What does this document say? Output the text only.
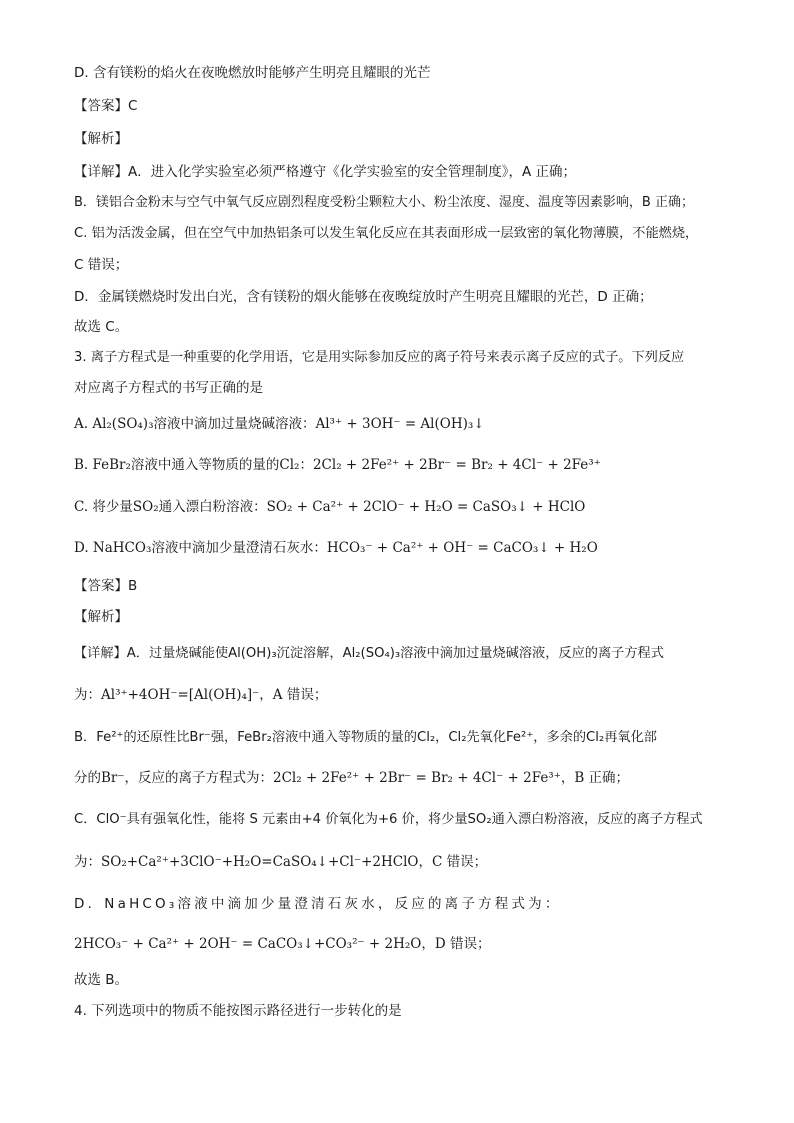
D. 含有镁粉的焰火在夜晚燃放时能够产生明亮且耀眼的光芒
【答案】C
【解析】
【详解】A．进入化学实验室必须严格遵守《化学实验室的安全管理制度》，A 正确；
B．镁铝合金粉末与空气中氧气反应剧烈程度受粉尘颗粒大小、粉尘浓度、湿度、温度等因素影响，B 正确；
C. 铝为活泼金属，但在空气中加热铝条可以发生氧化反应在其表面形成一层致密的氧化物薄膜，不能燃烧，
C 错误；
D．金属镁燃烧时发出白光，含有镁粉的烟火能够在夜晚绽放时产生明亮且耀眼的光芒，D 正确；
故选 C。
3. 离子方程式是一种重要的化学用语，它是用实际参加反应的离子符号来表示离子反应的式子。下列反应
对应离子方程式的书写正确的是
A. Al₂(SO₄)₃溶液中滴加过量烧碱溶液：Al³⁺ + 3OH⁻ = Al(OH)₃↓
B. FeBr₂溶液中通入等物质的量的Cl₂：2Cl₂ + 2Fe²⁺ + 2Br⁻ = Br₂ + 4Cl⁻ + 2Fe³⁺
C. 将少量SO₂通入漂白粉溶液：SO₂ + Ca²⁺ + 2ClO⁻ + H₂O = CaSO₃↓ + HClO
D. NaHCO₃溶液中滴加少量澄清石灰水：HCO₃⁻ + Ca²⁺ + OH⁻ = CaCO₃↓ + H₂O
【答案】B
【解析】
【详解】A．过量烧碱能使Al(OH)₃沉淀溶解，Al₂(SO₄)₃溶液中滴加过量烧碱溶液，反应的离子方程式
为：Al³⁺+4OH⁻=[Al(OH)₄]⁻，A 错误；
B．Fe²⁺的还原性比Br⁻强，FeBr₂溶液中通入等物质的量的Cl₂，Cl₂先氧化Fe²⁺，多余的Cl₂再氧化部
分的Br⁻，反应的离子方程式为：2Cl₂ + 2Fe²⁺ + 2Br⁻ = Br₂ + 4Cl⁻ + 2Fe³⁺，B 正确；
C．ClO⁻具有强氧化性，能将 S 元素由+4 价氧化为+6 价，将少量SO₂通入漂白粉溶液，反应的离子方程式
为：SO₂+Ca²⁺+3ClO⁻+H₂O=CaSO₄↓+Cl⁻+2HClO，C 错误；
D．NaHCO₃溶液中滴加少量澄清石灰水，反应的离子方程式为：
2HCO₃⁻ + Ca²⁺ + 2OH⁻ = CaCO₃↓+CO₃²⁻ + 2H₂O，D 错误；
故选 B。
4. 下列选项中的物质不能按图示路径进行一步转化的是
